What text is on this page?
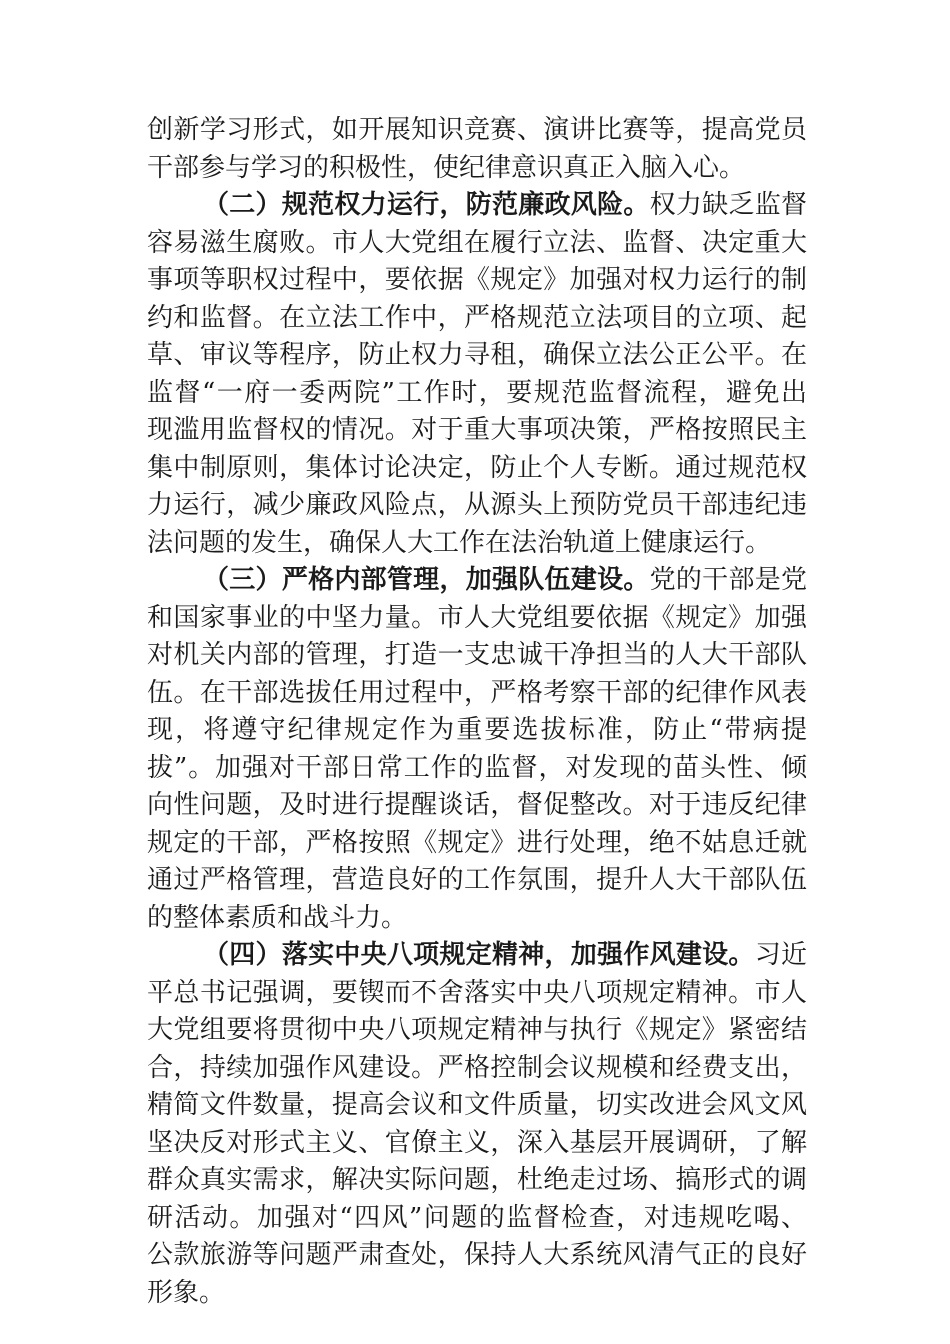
创新学习形式，如开展知识竞赛、演讲比赛等，提高党员
干部参与学习的积极性，使纪律意识真正入脑入心。
（二）规范权力运行，防范廉政风险。权力缺乏监督
容易滋生腐败。市人大党组在履行立法、监督、决定重大
事项等职权过程中，要依据《规定》加强对权力运行的制
约和监督。在立法工作中，严格规范立法项目的立项、起
草、审议等程序，防止权力寻租，确保立法公正公平。在
监督“一府一委两院”工作时，要规范监督流程，避免出
现滥用监督权的情况。对于重大事项决策，严格按照民主
集中制原则，集体讨论决定，防止个人专断。通过规范权
力运行，减少廉政风险点，从源头上预防党员干部违纪违
法问题的发生，确保人大工作在法治轨道上健康运行。
（三）严格内部管理，加强队伍建设。党的干部是党
和国家事业的中坚力量。市人大党组要依据《规定》加强
对机关内部的管理，打造一支忠诚干净担当的人大干部队
伍。在干部选拔任用过程中，严格考察干部的纪律作风表
现，将遵守纪律规定作为重要选拔标准，防止“带病提
拔”。加强对干部日常工作的监督，对发现的苗头性、倾
向性问题，及时进行提醒谈话，督促整改。对于违反纪律
规定的干部，严格按照《规定》进行处理，绝不姑息迁就
通过严格管理，营造良好的工作氛围，提升人大干部队伍
的整体素质和战斗力。
（四）落实中央八项规定精神，加强作风建设。习近
平总书记强调，要锲而不舍落实中央八项规定精神。市人
大党组要将贯彻中央八项规定精神与执行《规定》紧密结
合，持续加强作风建设。严格控制会议规模和经费支出，
精简文件数量，提高会议和文件质量，切实改进会风文风
坚决反对形式主义、官僚主义，深入基层开展调研，了解
群众真实需求，解决实际问题，杜绝走过场、搞形式的调
研活动。加强对“四风”问题的监督检查，对违规吃喝、
公款旅游等问题严肃查处，保持人大系统风清气正的良好
形象。
